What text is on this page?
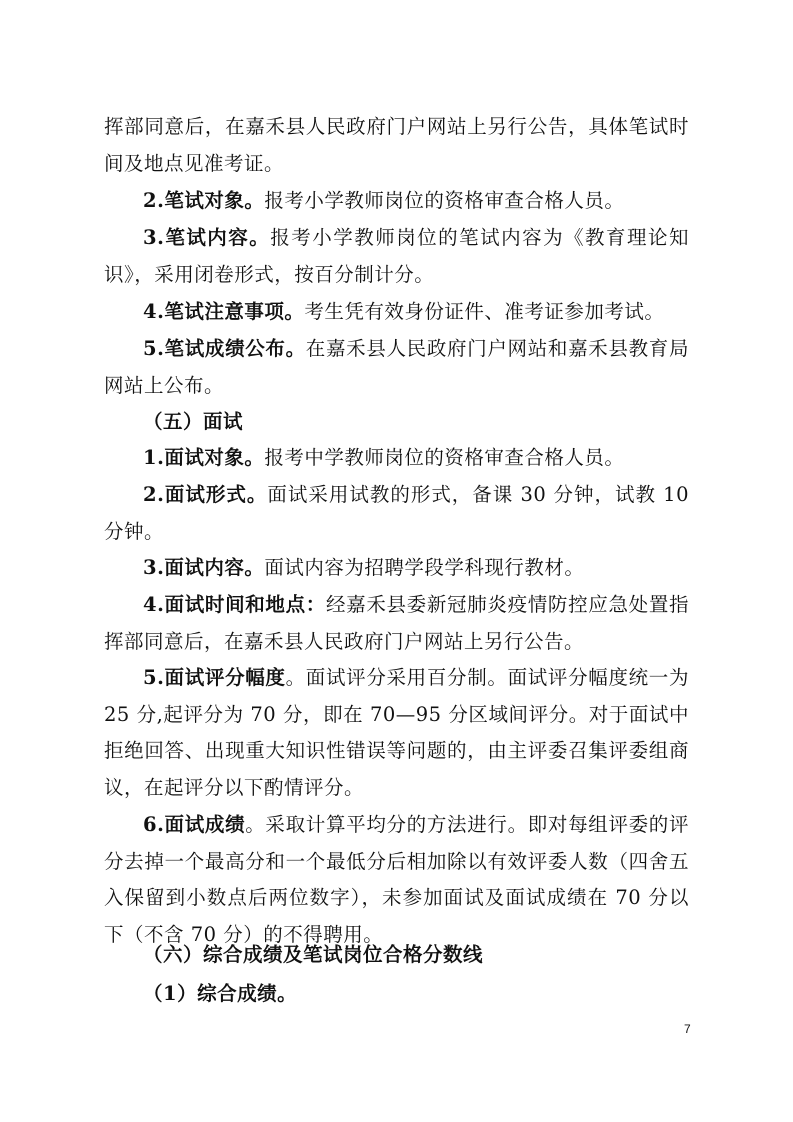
挥部同意后，在嘉禾县人民政府门户网站上另行公告，具体笔试时间及地点见准考证。
2.笔试对象。报考小学教师岗位的资格审查合格人员。
3.笔试内容。报考小学教师岗位的笔试内容为《教育理论知识》，采用闭卷形式，按百分制计分。
4.笔试注意事项。考生凭有效身份证件、准考证参加考试。
5.笔试成绩公布。在嘉禾县人民政府门户网站和嘉禾县教育局网站上公布。
（五）面试
1.面试对象。报考中学教师岗位的资格审查合格人员。
2.面试形式。面试采用试教的形式，备课 30 分钟，试教 10 分钟。
3.面试内容。面试内容为招聘学段学科现行教材。
4.面试时间和地点：经嘉禾县委新冠肺炎疫情防控应急处置指挥部同意后，在嘉禾县人民政府门户网站上另行公告。
5.面试评分幅度。面试评分采用百分制。面试评分幅度统一为 25 分,起评分为 70 分，即在 70—95 分区域间评分。对于面试中拒绝回答、出现重大知识性错误等问题的，由主评委召集评委组商议，在起评分以下酌情评分。
6.面试成绩。采取计算平均分的方法进行。即对每组评委的评分去掉一个最高分和一个最低分后相加除以有效评委人数（四舍五入保留到小数点后两位数字），未参加面试及面试成绩在 70 分以下（不含 70 分）的不得聘用。
（六）综合成绩及笔试岗位合格分数线
（1）综合成绩。
7
